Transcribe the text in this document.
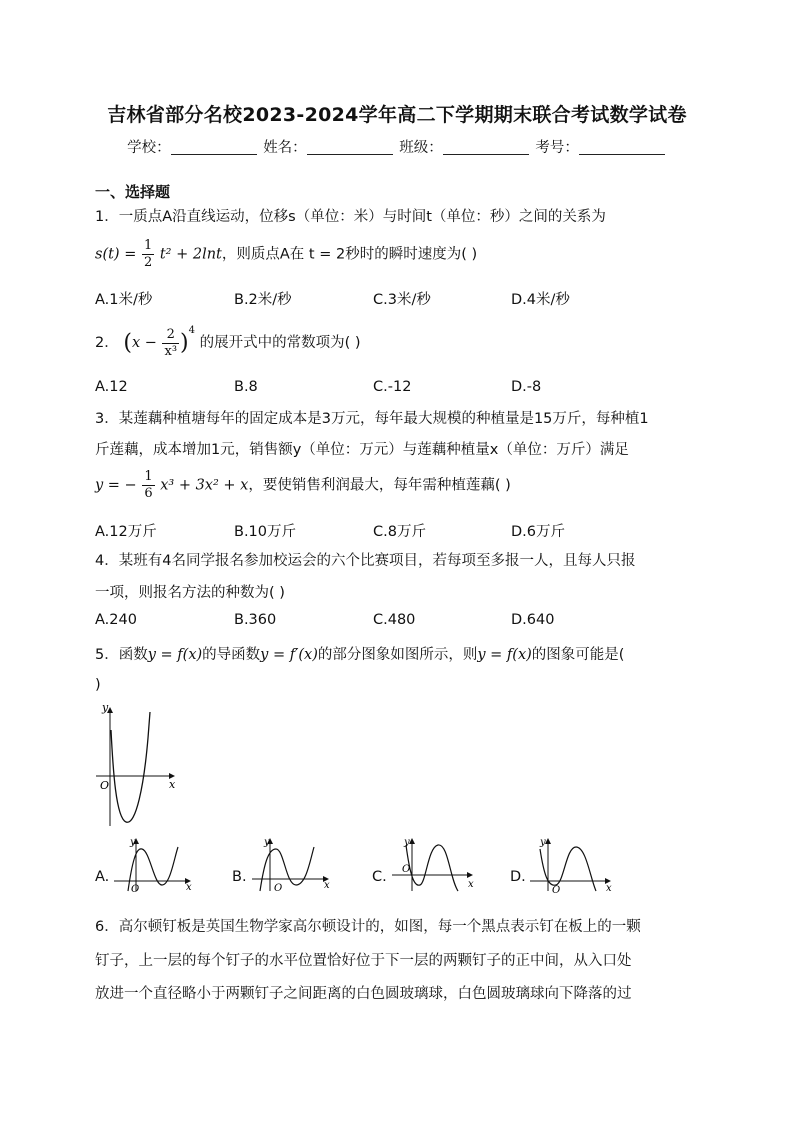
吉林省部分名校2023-2024学年高二下学期期末联合考试数学试卷
学校：	姓名：	班级：	考号：
一、选择题
1．一质点A沿直线运动，位移s（单位：米）与时间t（单位：秒）之间的关系为
$s(t) = \frac{1}{2} t^2 + 2\ln t$，则质点A在 t = 2秒时的瞬时速度为( )
A.1米/秒	B.2米/秒	C.3米/秒	D.4米/秒
2． $(x - \frac{2}{\text{x³}} )^4$ 的展开式中的常数项为( )
A.12	B.8	C.-12	D.-8
3．某莲藕种植塘每年的固定成本是3万元，每年最大规模的种植量是15万斤，每种植1
斤莲藕，成本增加1元，销售额y（单位：万元）与莲藕种植量x（单位：万斤）满足
y = − $\frac{1}{6} x^3 + 3x^2 + x$，要使销售利润最大，每年需种植莲藕( )
A.12万斤	B.10万斤	C.8万斤	D.6万斤
4．某班有4名同学报名参加校运会的六个比赛项目，若每项至多报一人，且每人只报
一项，则报名方法的种数为( )
A.240	B.360	C.480	D.640
5．函数y = f(x)的导函数y = f′(x)的部分图象如图所示，则y = f(x)的图象可能是(
)
y
x
O
A.
y
x
O
B.
y
x
O
C.
y
x
O	D.
y
x
O
6．高尔顿钉板是英国生物学家高尔顿设计的，如图，每一个黑点表示钉在板上的一颗
钉子，上一层的每个钉子的水平位置恰好位于下一层的两颗钉子的正中间，从入口处
放进一个直径略小于两颗钉子之间距离的白色圆玻璃球，白色圆玻璃球向下降落的过
